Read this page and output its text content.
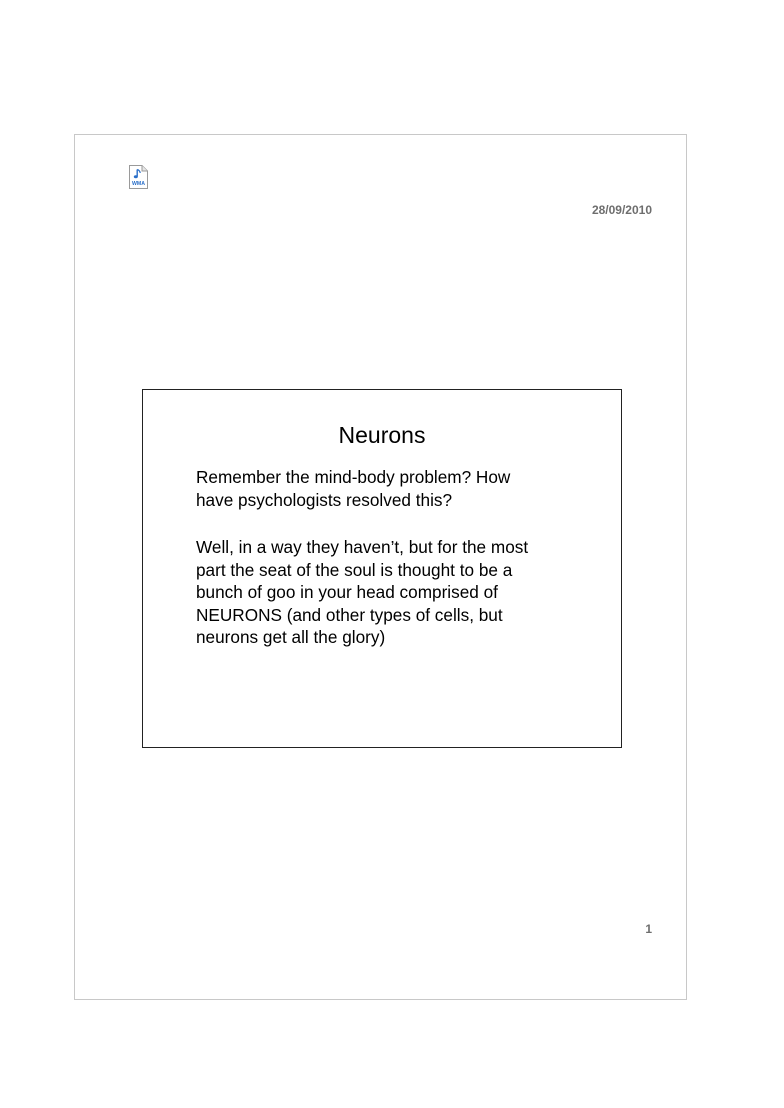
WMA
28/09/2010
Neurons

Remember the mind-body problem? How
have psychologists resolved this?

Well, in a way they haven’t, but for the most
part the seat of the soul is thought to be a
bunch of goo in your head comprised of
NEURONS (and other types of cells, but
neurons get all the glory)

1
